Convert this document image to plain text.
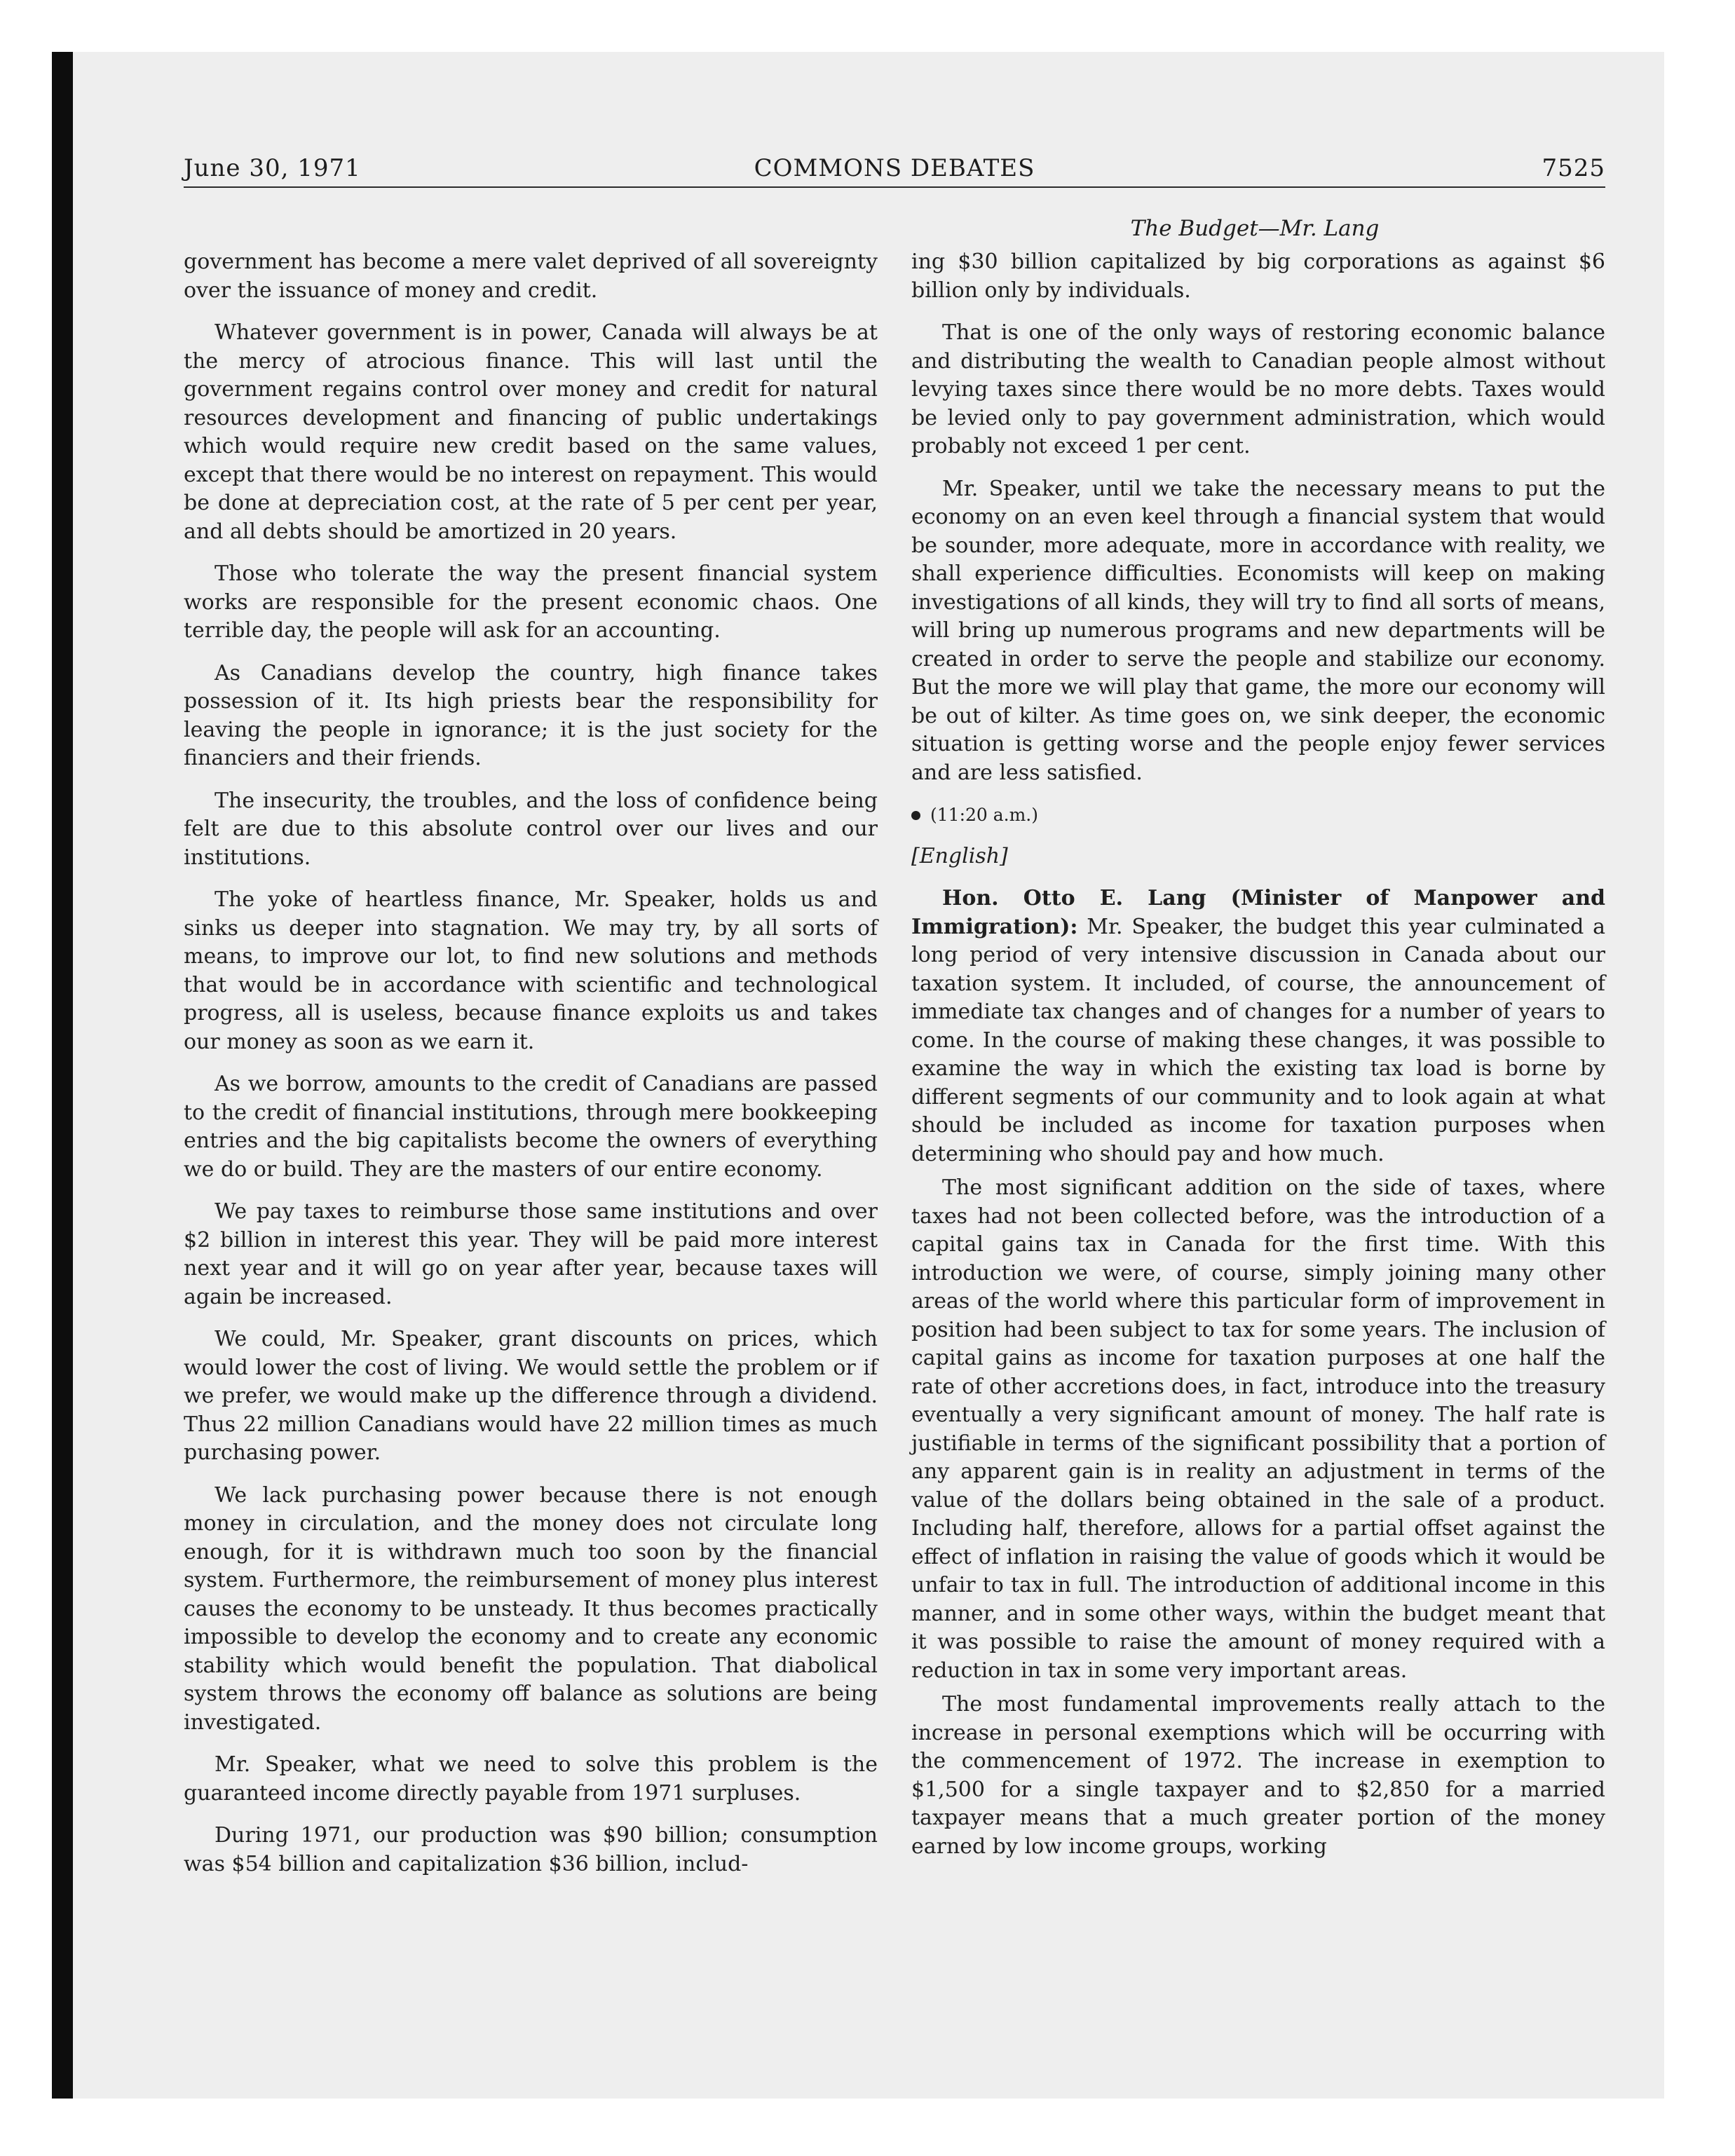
June 30, 1971	COMMONS DEBATES	7525
The Budget—Mr. Lang

government has become a mere valet deprived of all sovereignty over the issuance of money and credit.

Whatever government is in power, Canada will always be at the mercy of atrocious finance. This will last until the government regains control over money and credit for natural resources development and financing of public undertakings which would require new credit based on the same values, except that there would be no interest on repayment. This would be done at depreciation cost, at the rate of 5 per cent per year, and all debts should be amortized in 20 years.

Those who tolerate the way the present financial system works are responsible for the present economic chaos. One terrible day, the people will ask for an accounting.

As Canadians develop the country, high finance takes possession of it. Its high priests bear the responsibility for leaving the people in ignorance; it is the just society for the financiers and their friends.

The insecurity, the troubles, and the loss of confidence being felt are due to this absolute control over our lives and our institutions.

The yoke of heartless finance, Mr. Speaker, holds us and sinks us deeper into stagnation. We may try, by all sorts of means, to improve our lot, to find new solutions and methods that would be in accordance with scientific and technological progress, all is useless, because finance exploits us and takes our money as soon as we earn it.

As we borrow, amounts to the credit of Canadians are passed to the credit of financial institutions, through mere bookkeeping entries and the big capitalists become the owners of everything we do or build. They are the masters of our entire economy.

We pay taxes to reimburse those same institutions and over $2 billion in interest this year. They will be paid more interest next year and it will go on year after year, because taxes will again be increased.

We could, Mr. Speaker, grant discounts on prices, which would lower the cost of living. We would settle the problem or if we prefer, we would make up the difference through a dividend. Thus 22 million Canadians would have 22 million times as much purchasing power.

We lack purchasing power because there is not enough money in circulation, and the money does not circulate long enough, for it is withdrawn much too soon by the financial system. Furthermore, the reimbursement of money plus interest causes the economy to be unsteady. It thus becomes practically impossible to develop the economy and to create any economic stability which would benefit the population. That diabolical system throws the economy off balance as solutions are being investigated.

Mr. Speaker, what we need to solve this problem is the guaranteed income directly payable from 1971 surpluses.

During 1971, our production was $90 billion; consumption was $54 billion and capitalization $36 billion, includ-

ing $30 billion capitalized by big corporations as against $6 billion only by individuals.

That is one of the only ways of restoring economic balance and distributing the wealth to Canadian people almost without levying taxes since there would be no more debts. Taxes would be levied only to pay government administration, which would probably not exceed 1 per cent.

Mr. Speaker, until we take the necessary means to put the economy on an even keel through a financial system that would be sounder, more adequate, more in accordance with reality, we shall experience difficulties. Economists will keep on making investigations of all kinds, they will try to find all sorts of means, will bring up numerous programs and new departments will be created in order to serve the people and stabilize our economy. But the more we will play that game, the more our economy will be out of kilter. As time goes on, we sink deeper, the economic situation is getting worse and the people enjoy fewer services and are less satisfied.

(11:20 a.m.)

[English]

Hon. Otto E. Lang (Minister of Manpower and Immigration): Mr. Speaker, the budget this year culminated a long period of very intensive discussion in Canada about our taxation system. It included, of course, the announcement of immediate tax changes and of changes for a number of years to come. In the course of making these changes, it was possible to examine the way in which the existing tax load is borne by different segments of our community and to look again at what should be included as income for taxation purposes when determining who should pay and how much.

The most significant addition on the side of taxes, where taxes had not been collected before, was the introduction of a capital gains tax in Canada for the first time. With this introduction we were, of course, simply joining many other areas of the world where this particular form of improvement in position had been subject to tax for some years. The inclusion of capital gains as income for taxation purposes at one half the rate of other accretions does, in fact, introduce into the treasury eventually a very significant amount of money. The half rate is justifiable in terms of the significant possibility that a portion of any apparent gain is in reality an adjustment in terms of the value of the dollars being obtained in the sale of a product. Including half, therefore, allows for a partial offset against the effect of inflation in raising the value of goods which it would be unfair to tax in full. The introduction of additional income in this manner, and in some other ways, within the budget meant that it was possible to raise the amount of money required with a reduction in tax in some very important areas.

The most fundamental improvements really attach to the increase in personal exemptions which will be occurring with the commencement of 1972. The increase in exemption to $1,500 for a single taxpayer and to $2,850 for a married taxpayer means that a much greater portion of the money earned by low income groups, working
